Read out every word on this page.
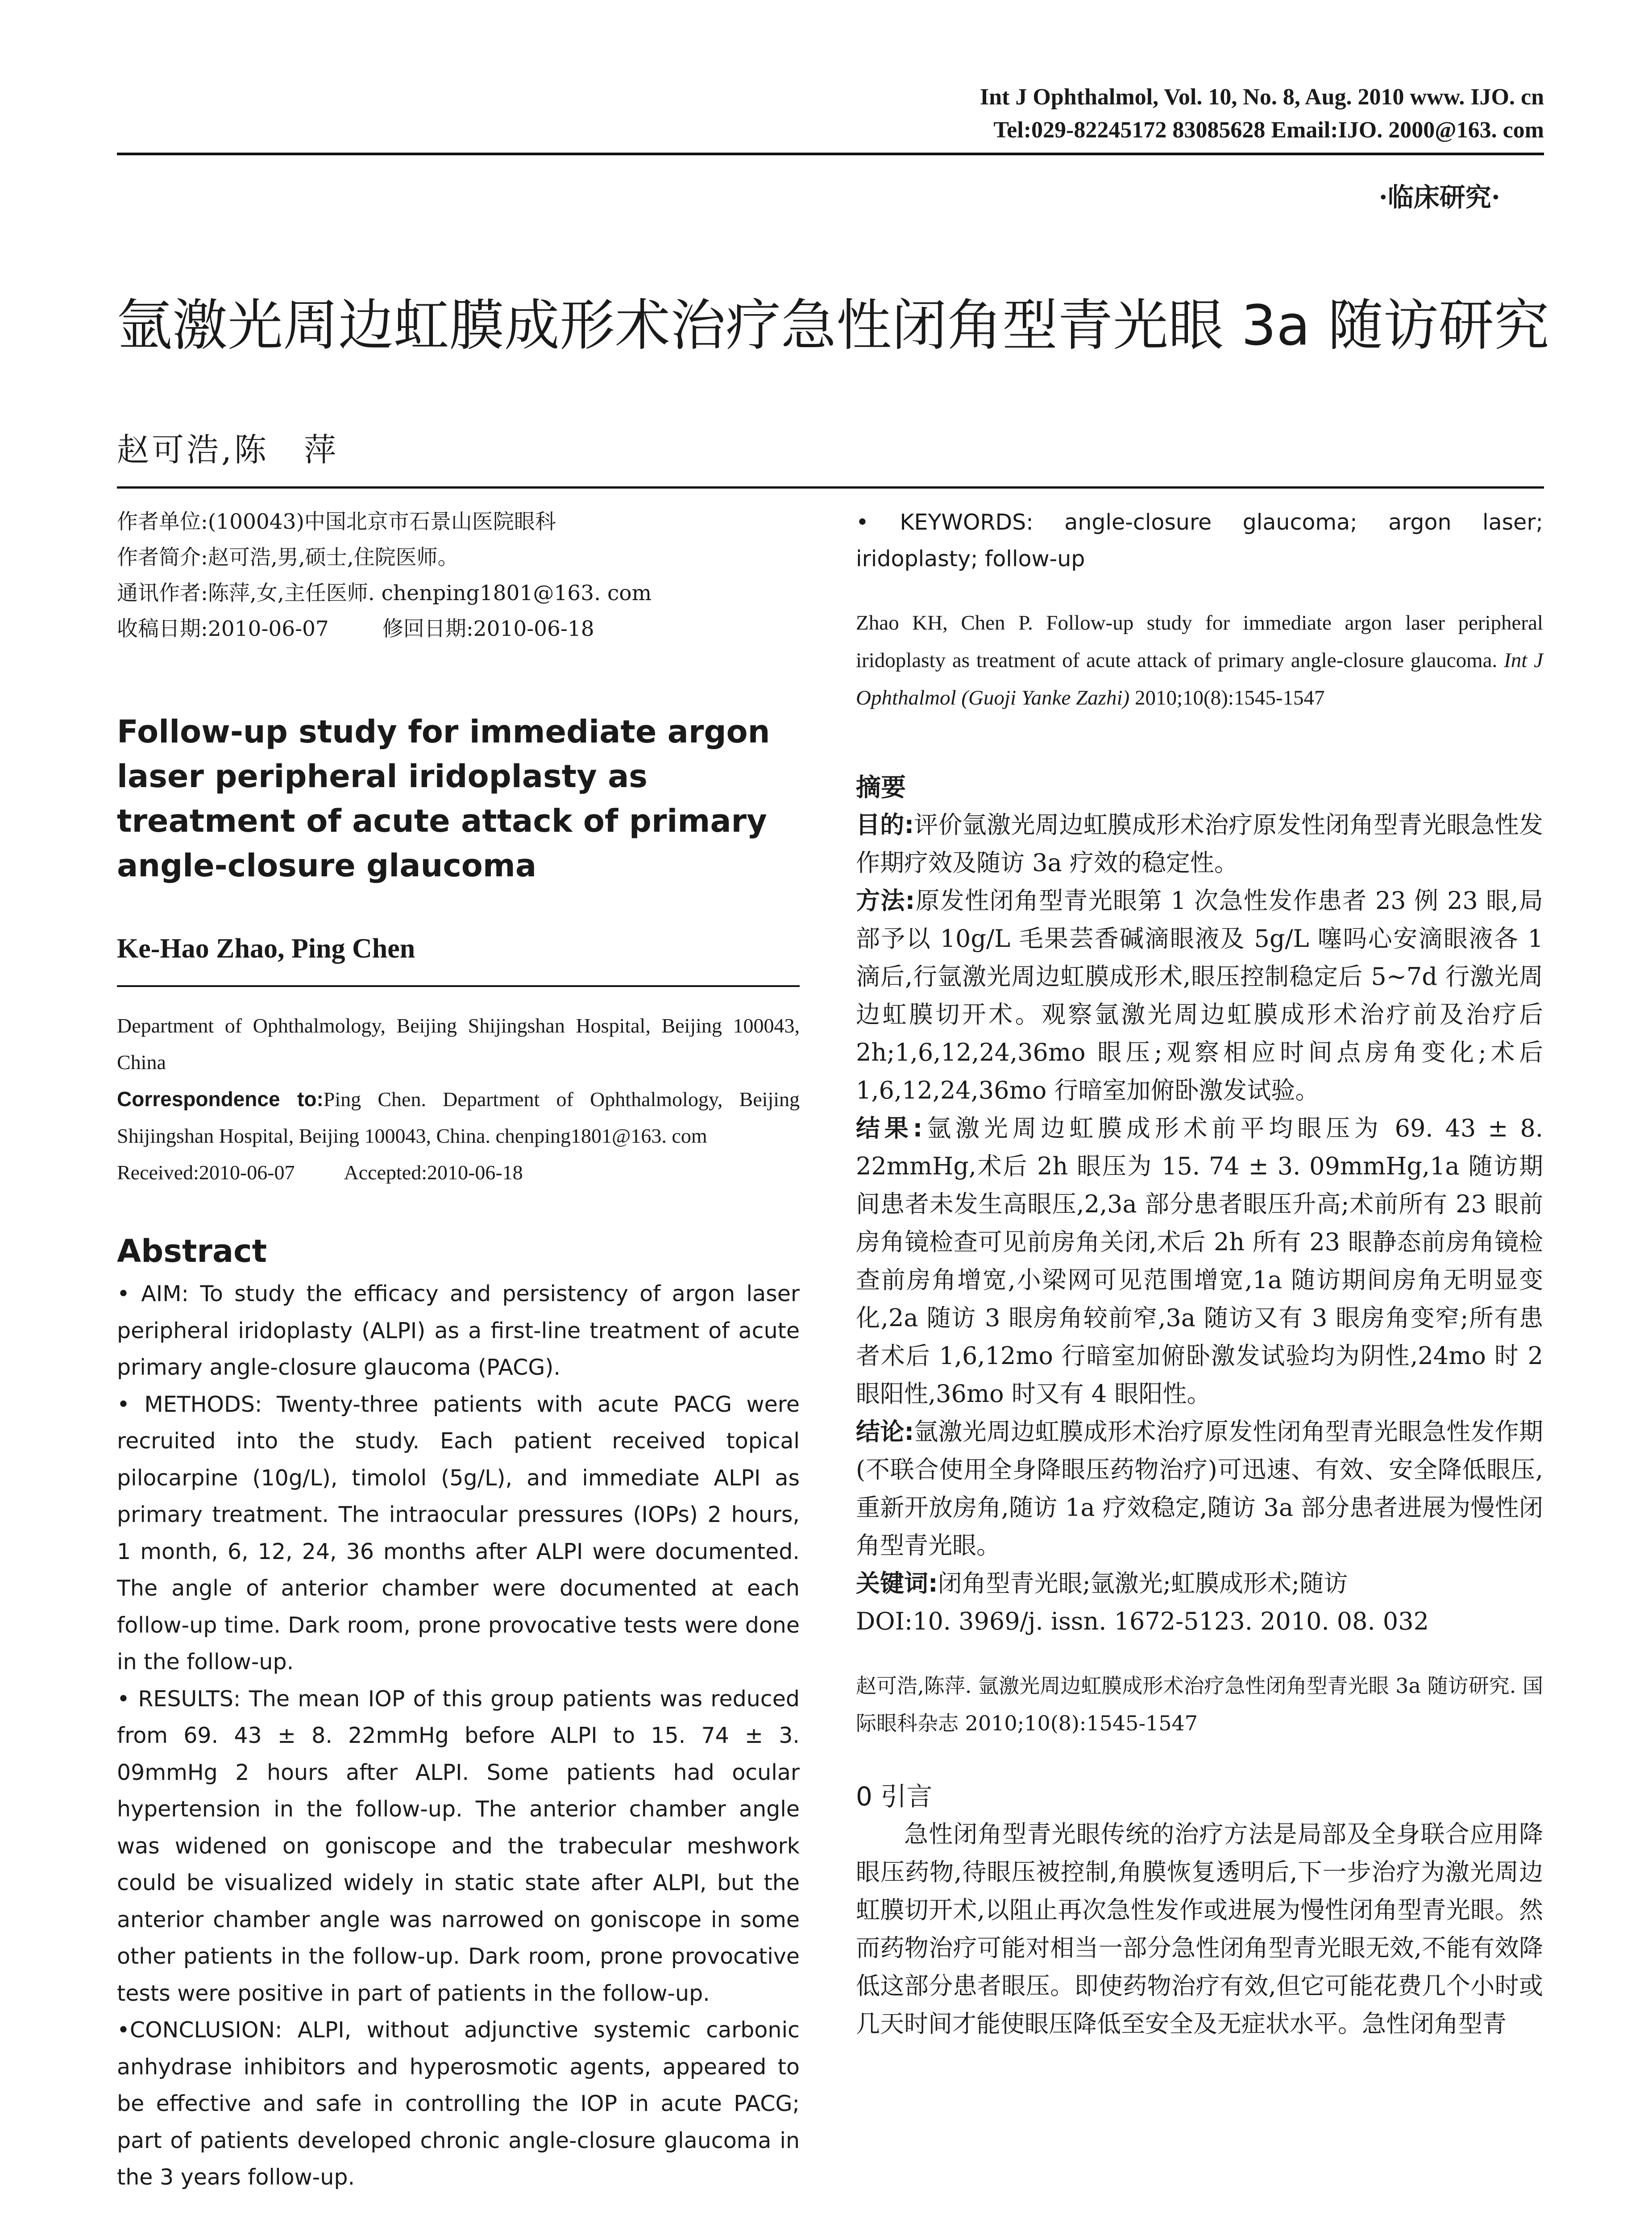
Int J Ophthalmol, Vol. 10, No. 8, Aug. 2010 www. IJO. cn
Tel:029-82245172 83085628 Email:IJO. 2000@163. com
·临床研究·
氩激光周边虹膜成形术治疗急性闭角型青光眼 3a 随访研究
赵可浩,陈　萍
作者单位:(100043)中国北京市石景山医院眼科
作者简介:赵可浩,男,硕士,住院医师。
通讯作者:陈萍,女,主任医师. chenping1801@163. com
收稿日期:2010-06-07	修回日期:2010-06-18
Follow-up study for immediate argon laser peripheral iridoplasty as treatment of acute attack of primary angle-closure glaucoma
Ke-Hao Zhao, Ping Chen
Department of Ophthalmology, Beijing Shijingshan Hospital, Beijing 100043, China
Correspondence to:Ping Chen. Department of Ophthalmology, Beijing Shijingshan Hospital, Beijing 100043, China. chenping1801@163. com
Received:2010-06-07 Accepted:2010-06-18
Abstract

• AIM: To study the efficacy and persistency of argon laser peripheral iridoplasty (ALPI) as a first-line treatment of acute primary angle-closure glaucoma (PACG).

• METHODS: Twenty-three patients with acute PACG were recruited into the study. Each patient received topical pilocarpine (10g/L), timolol (5g/L), and immediate ALPI as primary treatment. The intraocular pressures (IOPs) 2 hours, 1 month, 6, 12, 24, 36 months after ALPI were documented. The angle of anterior chamber were documented at each follow-up time. Dark room, prone provocative tests were done in the follow-up.

• RESULTS: The mean IOP of this group patients was reduced from 69. 43 ± 8. 22mmHg before ALPI to 15. 74 ± 3. 09mmHg 2 hours after ALPI. Some patients had ocular hypertension in the follow-up. The anterior chamber angle was widened on goniscope and the trabecular meshwork could be visualized widely in static state after ALPI, but the anterior chamber angle was narrowed on goniscope in some other patients in the follow-up. Dark room, prone provocative tests were positive in part of patients in the follow-up.

•CONCLUSION: ALPI, without adjunctive systemic carbonic anhydrase inhibitors and hyperosmotic agents, appeared to be effective and safe in controlling the IOP in acute PACG; part of patients developed chronic angle-closure glaucoma in the 3 years follow-up.

• KEYWORDS: angle-closure glaucoma; argon laser; iridoplasty; follow-up
Zhao KH, Chen P. Follow-up study for immediate argon laser peripheral iridoplasty as treatment of acute attack of primary angle-closure glaucoma. Int J Ophthalmol (Guoji Yanke Zazhi) 2010;10(8):1545-1547
摘要

目的:评价氩激光周边虹膜成形术治疗原发性闭角型青光眼急性发作期疗效及随访 3a 疗效的稳定性。

方法:原发性闭角型青光眼第 1 次急性发作患者 23 例 23 眼,局部予以 10g/L 毛果芸香碱滴眼液及 5g/L 噻吗心安滴眼液各 1 滴后,行氩激光周边虹膜成形术,眼压控制稳定后 5~7d 行激光周边虹膜切开术。观察氩激光周边虹膜成形术治疗前及治疗后 2h;1,6,12,24,36mo 眼压;观察相应时间点房角变化;术后 1,6,12,24,36mo 行暗室加俯卧激发试验。

结果:氩激光周边虹膜成形术前平均眼压为 69. 43 ± 8. 22mmHg,术后 2h 眼压为 15. 74 ± 3. 09mmHg,1a 随访期间患者未发生高眼压,2,3a 部分患者眼压升高;术前所有 23 眼前房角镜检查可见前房角关闭,术后 2h 所有 23 眼静态前房角镜检查前房角增宽,小梁网可见范围增宽,1a 随访期间房角无明显变化,2a 随访 3 眼房角较前窄,3a 随访又有 3 眼房角变窄;所有患者术后 1,6,12mo 行暗室加俯卧激发试验均为阴性,24mo 时 2 眼阳性,36mo 时又有 4 眼阳性。

结论:氩激光周边虹膜成形术治疗原发性闭角型青光眼急性发作期(不联合使用全身降眼压药物治疗)可迅速、有效、安全降低眼压,重新开放房角,随访 1a 疗效稳定,随访 3a 部分患者进展为慢性闭角型青光眼。

关键词:闭角型青光眼;氩激光;虹膜成形术;随访

DOI:10. 3969/j. issn. 1672-5123. 2010. 08. 032

赵可浩,陈萍. 氩激光周边虹膜成形术治疗急性闭角型青光眼 3a 随访研究. 国际眼科杂志 2010;10(8):1545-1547
0 引言

急性闭角型青光眼传统的治疗方法是局部及全身联合应用降眼压药物,待眼压被控制,角膜恢复透明后,下一步治疗为激光周边虹膜切开术,以阻止再次急性发作或进展为慢性闭角型青光眼。然而药物治疗可能对相当一部分急性闭角型青光眼无效,不能有效降低这部分患者眼压。即使药物治疗有效,但它可能花费几个小时或几天时间才能使眼压降低至安全及无症状水平。急性闭角型青
